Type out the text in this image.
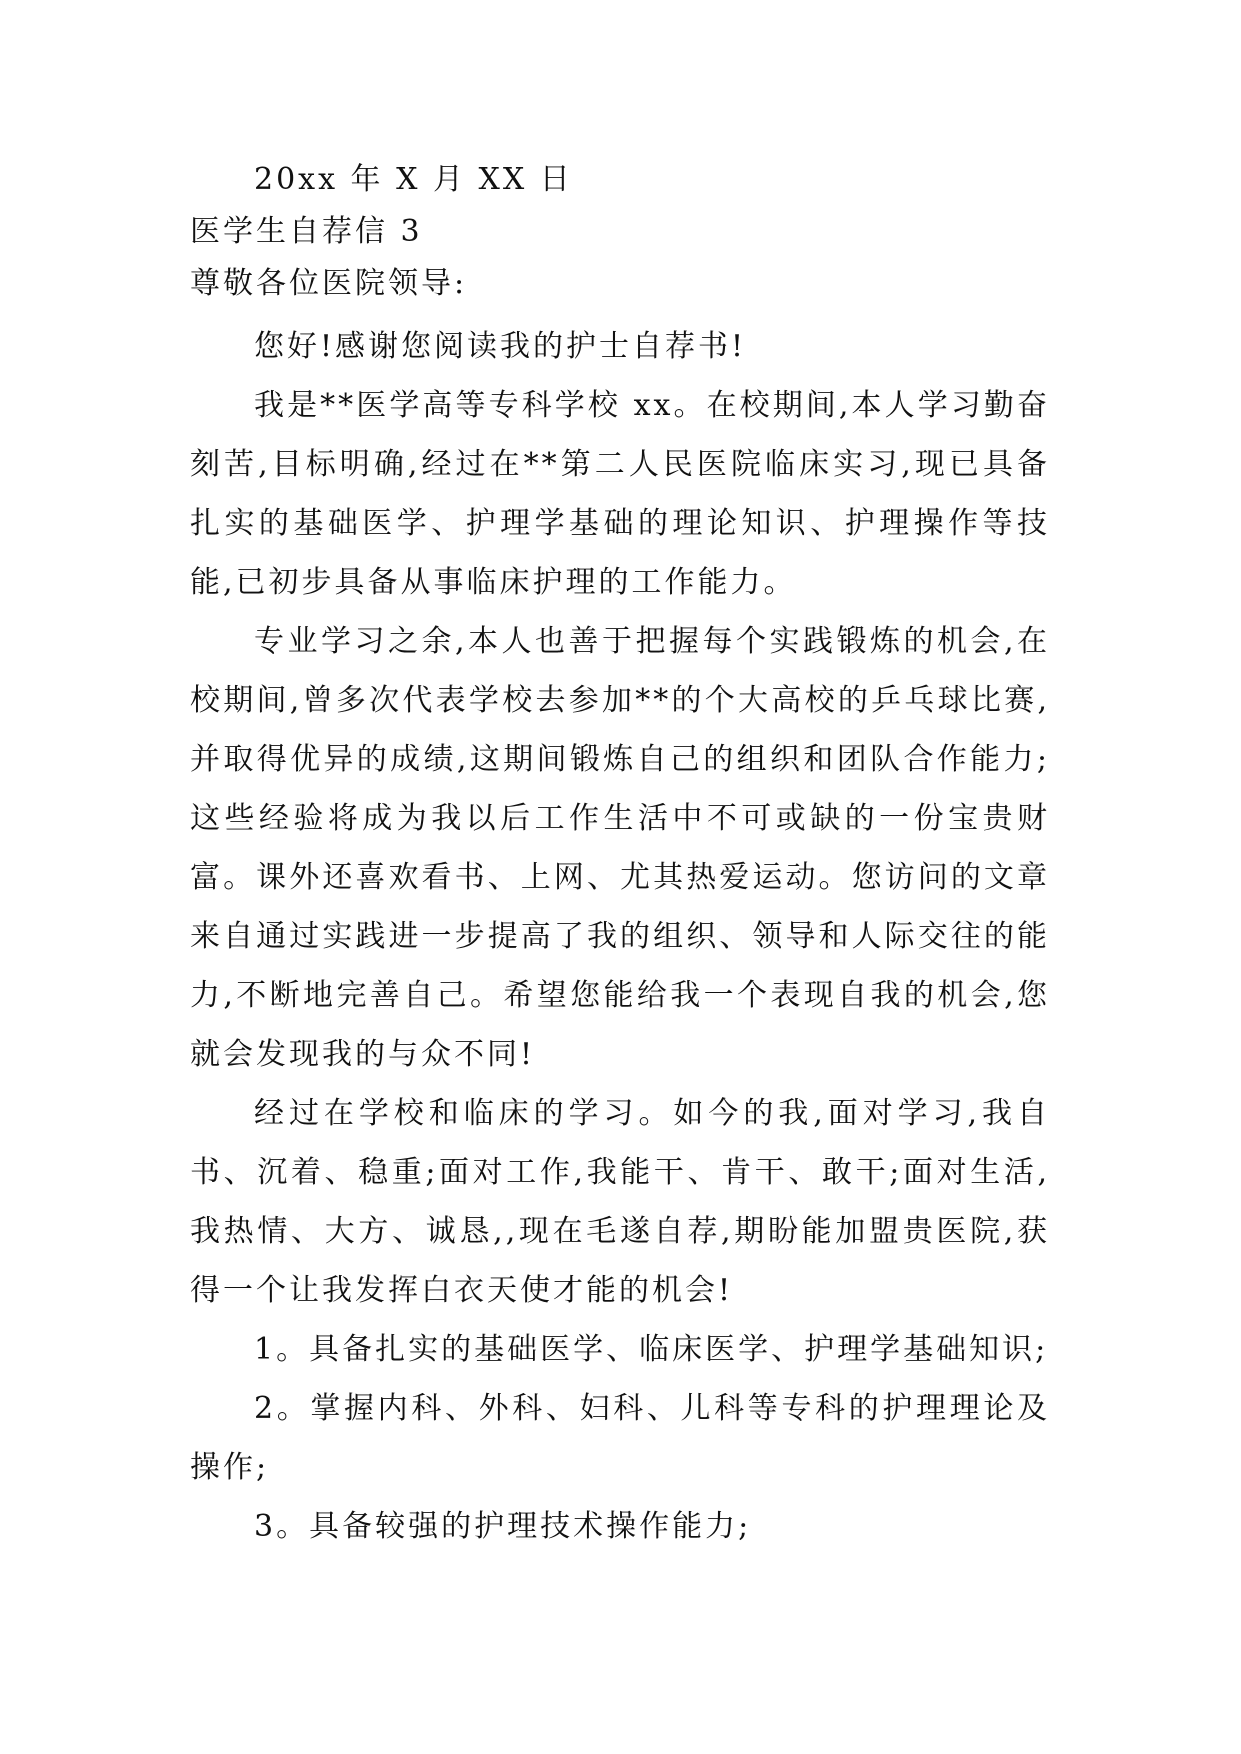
20xx 年 X 月 XX 日

医学生自荐信 3

尊敬各位医院领导:

您好!感谢您阅读我的护士自荐书!

我是**医学高等专科学校 xx。在校期间,本人学习勤奋刻苦,目标明确,经过在**第二人民医院临床实习,现已具备扎实的基础医学、护理学基础的理论知识、护理操作等技能,已初步具备从事临床护理的工作能力。

专业学习之余,本人也善于把握每个实践锻炼的机会,在校期间,曾多次代表学校去参加**的个大高校的乒乓球比赛,并取得优异的成绩,这期间锻炼自己的组织和团队合作能力;这些经验将成为我以后工作生活中不可或缺的一份宝贵财富。课外还喜欢看书、上网、尤其热爱运动。您访问的文章来自通过实践进一步提高了我的组织、领导和人际交往的能力,不断地完善自己。希望您能给我一个表现自我的机会,您就会发现我的与众不同!

经过在学校和临床的学习。如今的我,面对学习,我自书、沉着、稳重;面对工作,我能干、肯干、敢干;面对生活,我热情、大方、诚恳,,现在毛遂自荐,期盼能加盟贵医院,获得一个让我发挥白衣天使才能的机会!

1。具备扎实的基础医学、临床医学、护理学基础知识;

2。掌握内科、外科、妇科、儿科等专科的护理理论及操作;

3。具备较强的护理技术操作能力;
